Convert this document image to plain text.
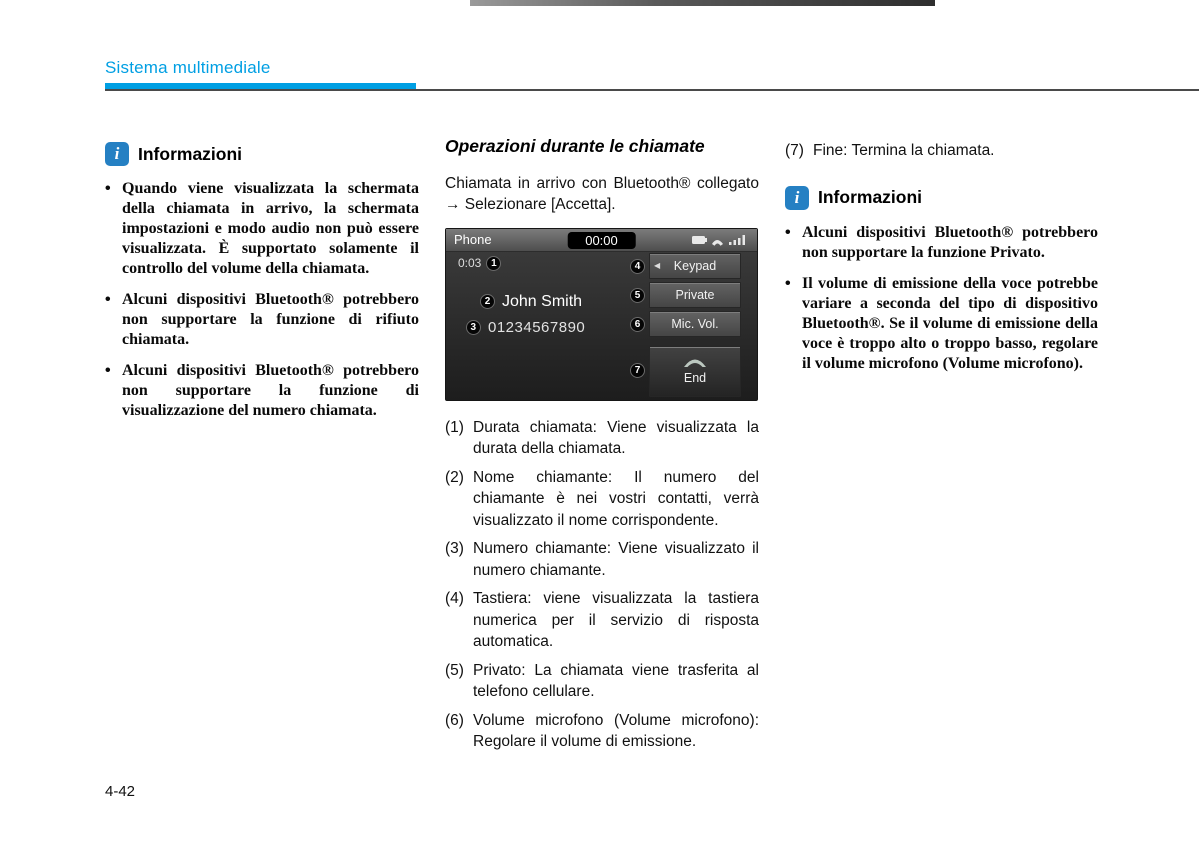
Sistema multimediale
i	Informazioni
• Quando viene visualizzata la schermata della chiamata in arrivo, la schermata impostazioni e modo audio non può essere visualizzata. È supportato solamente il controllo del volume della chiamata.
• Alcuni dispositivi Bluetooth® potrebbero non supportare la funzione di rifiuto chiamata.
• Alcuni dispositivi Bluetooth® potrebbero non supportare la funzione di visualizzazione del numero chiamata.
Operazioni durante le chiamate

Chiamata in arrivo con Bluetooth® collegato → Selezionare [Accetta].

Phone	00:00
0:03 1
2 John Smith
3 01234567890
4
5
6
7
◀ Keypad
Private
Mic. Vol.
End
(1) Durata chiamata: Viene visualizzata la durata della chiamata.
(2) Nome chiamante: Il numero del chiamante è nei vostri contatti, verrà visualizzato il nome corrispondente.
(3) Numero chiamante: Viene visualizzato il numero chiamante.
(4) Tastiera: viene visualizzata la tastiera numerica per il servizio di risposta automatica.
(5) Privato: La chiamata viene trasferita al telefono cellulare.
(6) Volume microfono (Volume microfono): Regolare il volume di emissione.
(7) Fine: Termina la chiamata.
i	Informazioni
• Alcuni dispositivi Bluetooth® potrebbero non supportare la funzione Privato.
• Il volume di emissione della voce potrebbe variare a seconda del tipo di dispositivo Bluetooth®. Se il volume di emissione della voce è troppo alto o troppo basso, regolare il volume microfono (Volume microfono).
4-42
